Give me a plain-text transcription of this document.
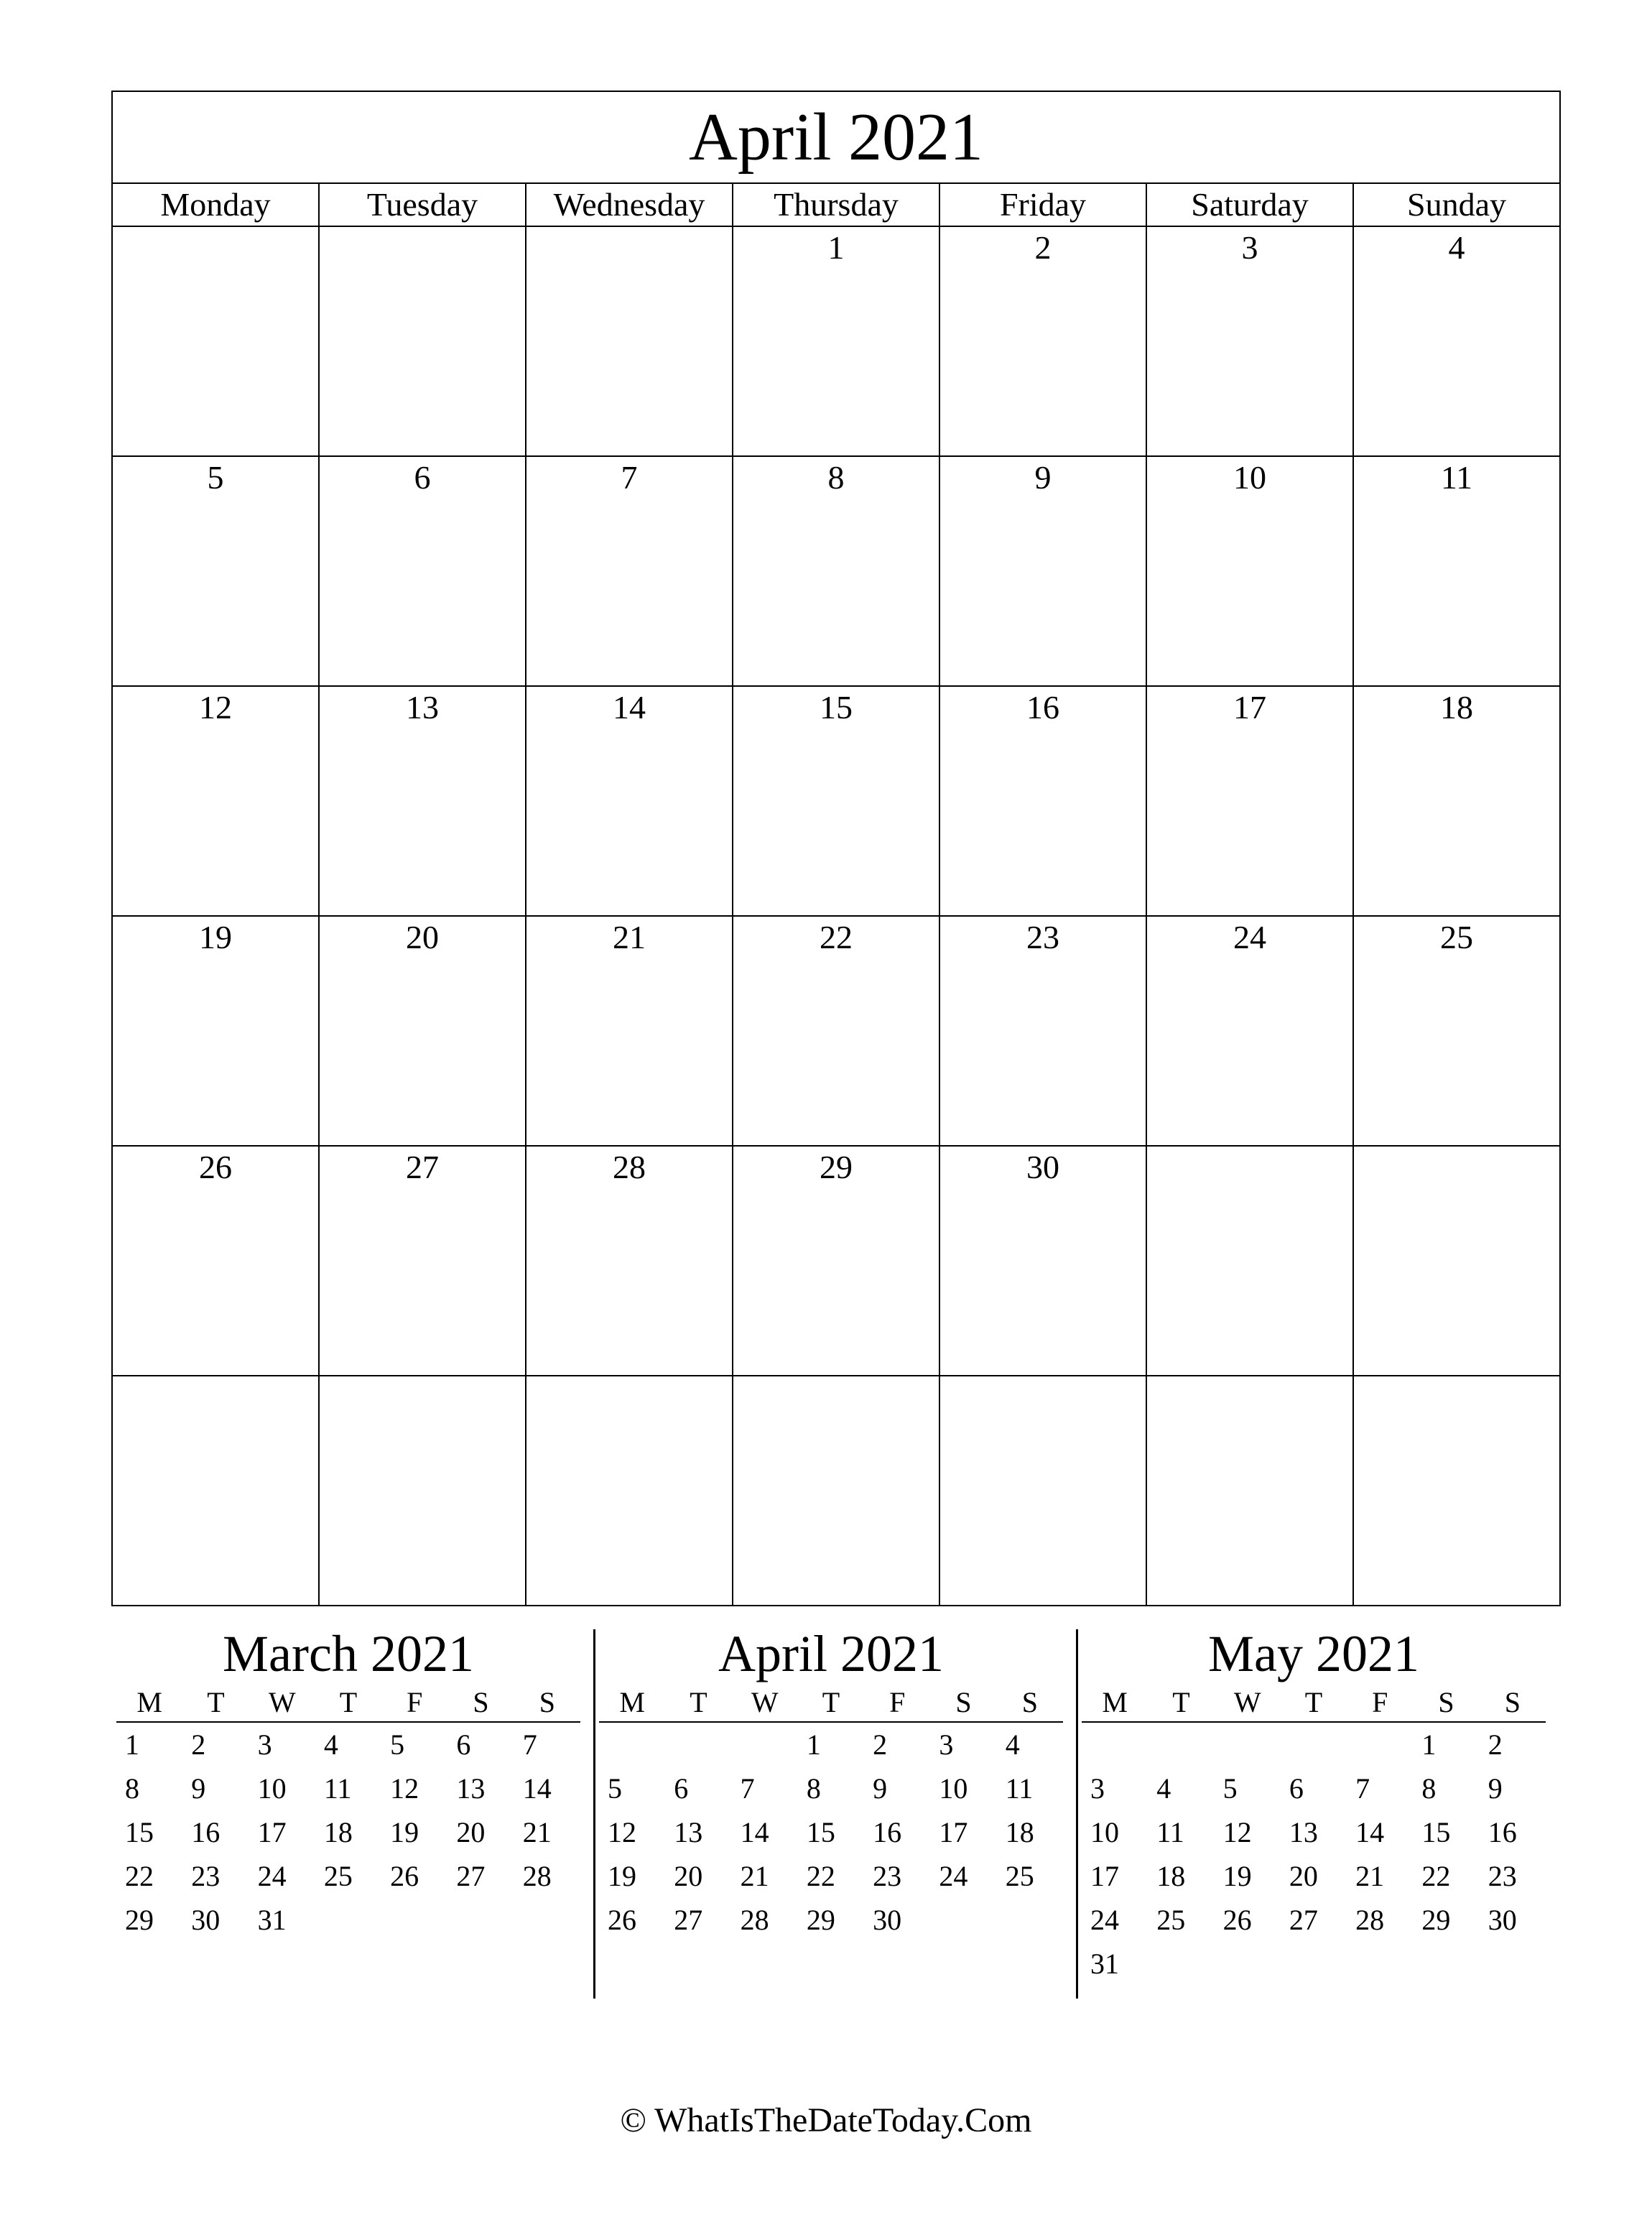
April 2021						
Monday	Tuesday	Wednesday	Thursday	Friday	Saturday	Sunday
			1	2	3	4
5	6	7	8	9	10	11
12	13	14	15	16	17	18
19	20	21	22	23	24	25
26	27	28	29	30		

March 2021
M	T	W	T	F	S	S
1	2	3	4	5	6	7
8	9	10	11	12	13	14
15	16	17	18	19	20	21
22	23	24	25	26	27	28
29	30	31				

April 2021
M	T	W	T	F	S	S
			1	2	3	4
5	6	7	8	9	10	11
12	13	14	15	16	17	18
19	20	21	22	23	24	25
26	27	28	29	30		

May 2021
M	T	W	T	F	S	S
					1	2
3	4	5	6	7	8	9
10	11	12	13	14	15	16
17	18	19	20	21	22	23
24	25	26	27	28	29	30
31						
© WhatIsTheDateToday.Com
